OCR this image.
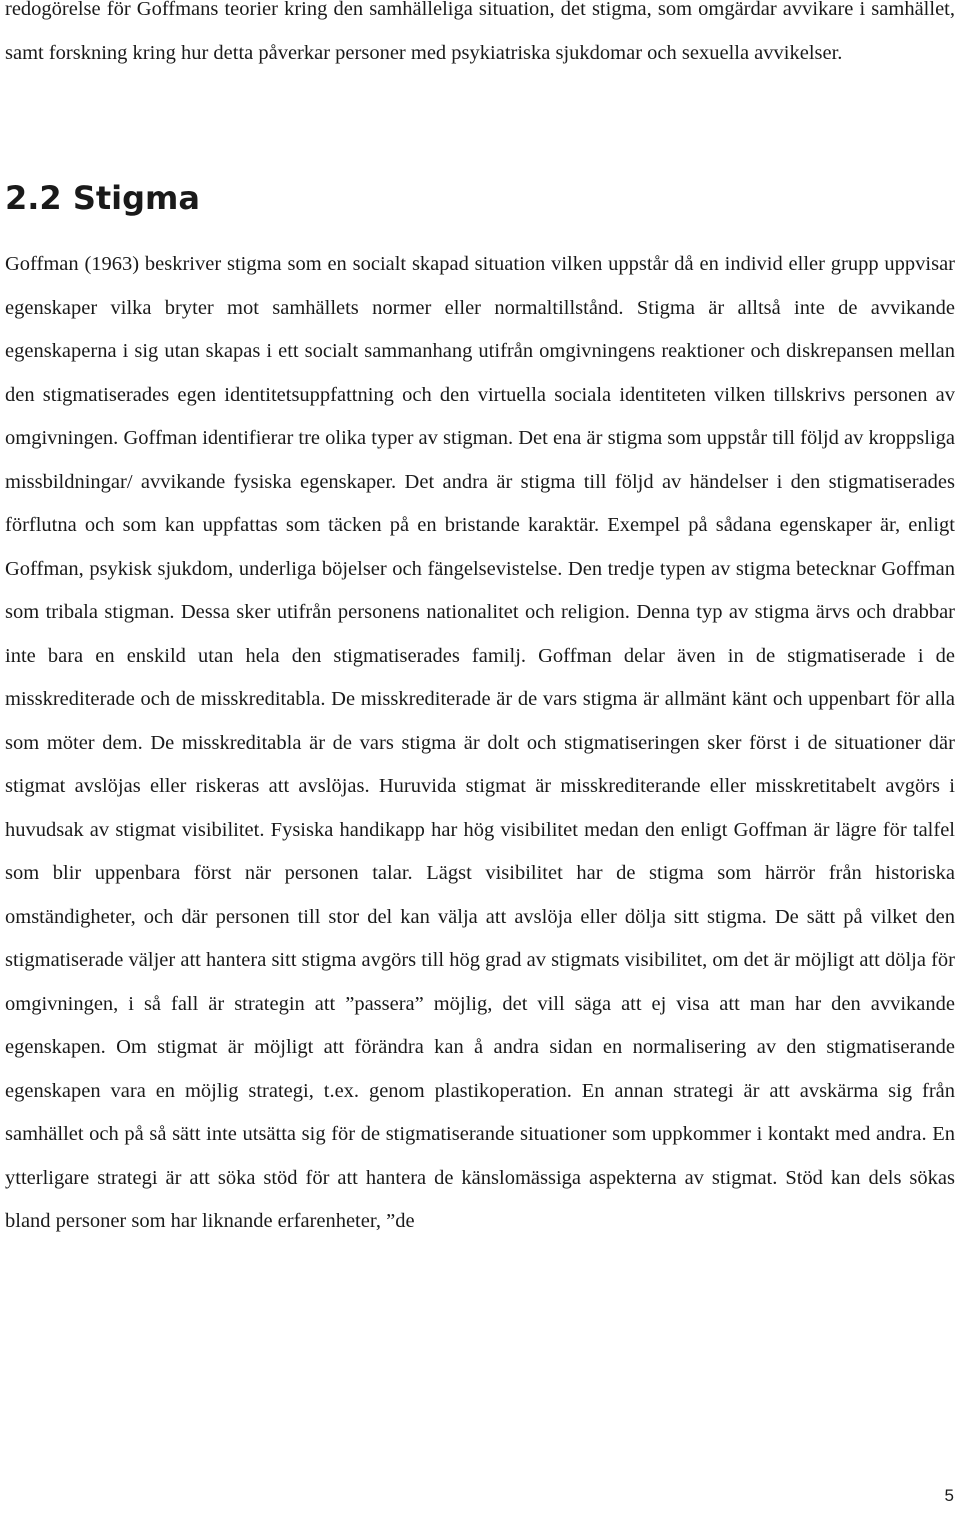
redogörelse för Goffmans teorier kring den samhälleliga situation, det stigma, som omgärdar avvikare i samhället, samt forskning kring hur detta påverkar personer med psykiatriska sjukdomar och sexuella avvikelser.

2.2 Stigma

Goffman (1963) beskriver stigma som en socialt skapad situation vilken uppstår då en individ eller grupp uppvisar egenskaper vilka bryter mot samhällets normer eller normaltillstånd. Stigma är alltså inte de avvikande egenskaperna i sig utan skapas i ett socialt sammanhang utifrån omgivningens reaktioner och diskrepansen mellan den stigmatiserades egen identitetsuppfattning och den virtuella sociala identiteten vilken tillskrivs personen av omgivningen. Goffman identifierar tre olika typer av stigman. Det ena är stigma som uppstår till följd av kroppsliga missbildningar/ avvikande fysiska egenskaper. Det andra är stigma till följd av händelser i den stigmatiserades förflutna och som kan uppfattas som täcken på en bristande karaktär. Exempel på sådana egenskaper är, enligt Goffman, psykisk sjukdom, underliga böjelser och fängelsevistelse. Den tredje typen av stigma betecknar Goffman som tribala stigman. Dessa sker utifrån personens nationalitet och religion. Denna typ av stigma ärvs och drabbar inte bara en enskild utan hela den stigmatiserades familj. Goffman delar även in de stigmatiserade i de misskrediterade och de misskreditabla. De misskrediterade är de vars stigma är allmänt känt och uppenbart för alla som möter dem. De misskreditabla är de vars stigma är dolt och stigmatiseringen sker först i de situationer där stigmat avslöjas eller riskeras att avslöjas. Huruvida stigmat är misskrediterande eller misskretitabelt avgörs i huvudsak av stigmat visibilitet. Fysiska handikapp har hög visibilitet medan den enligt Goffman är lägre för talfel som blir uppenbara först när personen talar. Lägst visibilitet har de stigma som härrör från historiska omständigheter, och där personen till stor del kan välja att avslöja eller dölja sitt stigma. De sätt på vilket den stigmatiserade väljer att hantera sitt stigma avgörs till hög grad av stigmats visibilitet, om det är möjligt att dölja för omgivningen, i så fall är strategin att ”passera” möjlig, det vill säga att ej visa att man har den avvikande egenskapen. Om stigmat är möjligt att förändra kan å andra sidan en normalisering av den stigmatiserande egenskapen vara en möjlig strategi, t.ex. genom plastikoperation. En annan strategi är att avskärma sig från samhället och på så sätt inte utsätta sig för de stigmatiserande situationer som uppkommer i kontakt med andra. En ytterligare strategi är att söka stöd för att hantera de känslomässiga aspekterna av stigmat. Stöd kan dels sökas bland personer som har liknande erfarenheter, ”de

5
